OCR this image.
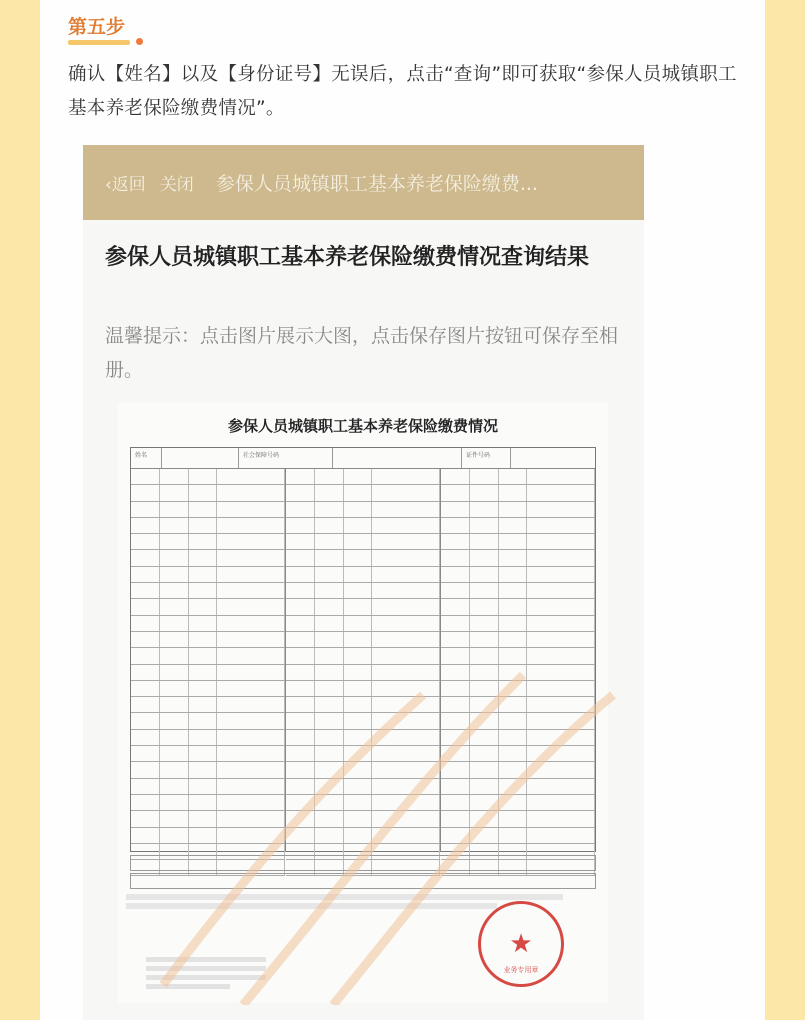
第五步
确认【姓名】以及【身份证号】无误后，点击“查询”即可获取“参保人员城镇职工基本养老保险缴费情况”。
‹返回 关闭 参保人员城镇职工基本养老保险缴费...
参保人员城镇职工基本养老保险缴费情况查询结果
温馨提示：点击图片展示大图，点击保存图片按钮可保存至相册。
参保人员城镇职工基本养老保险缴费情况
姓名	社会保障号码	证件号码
★
业务专用章
